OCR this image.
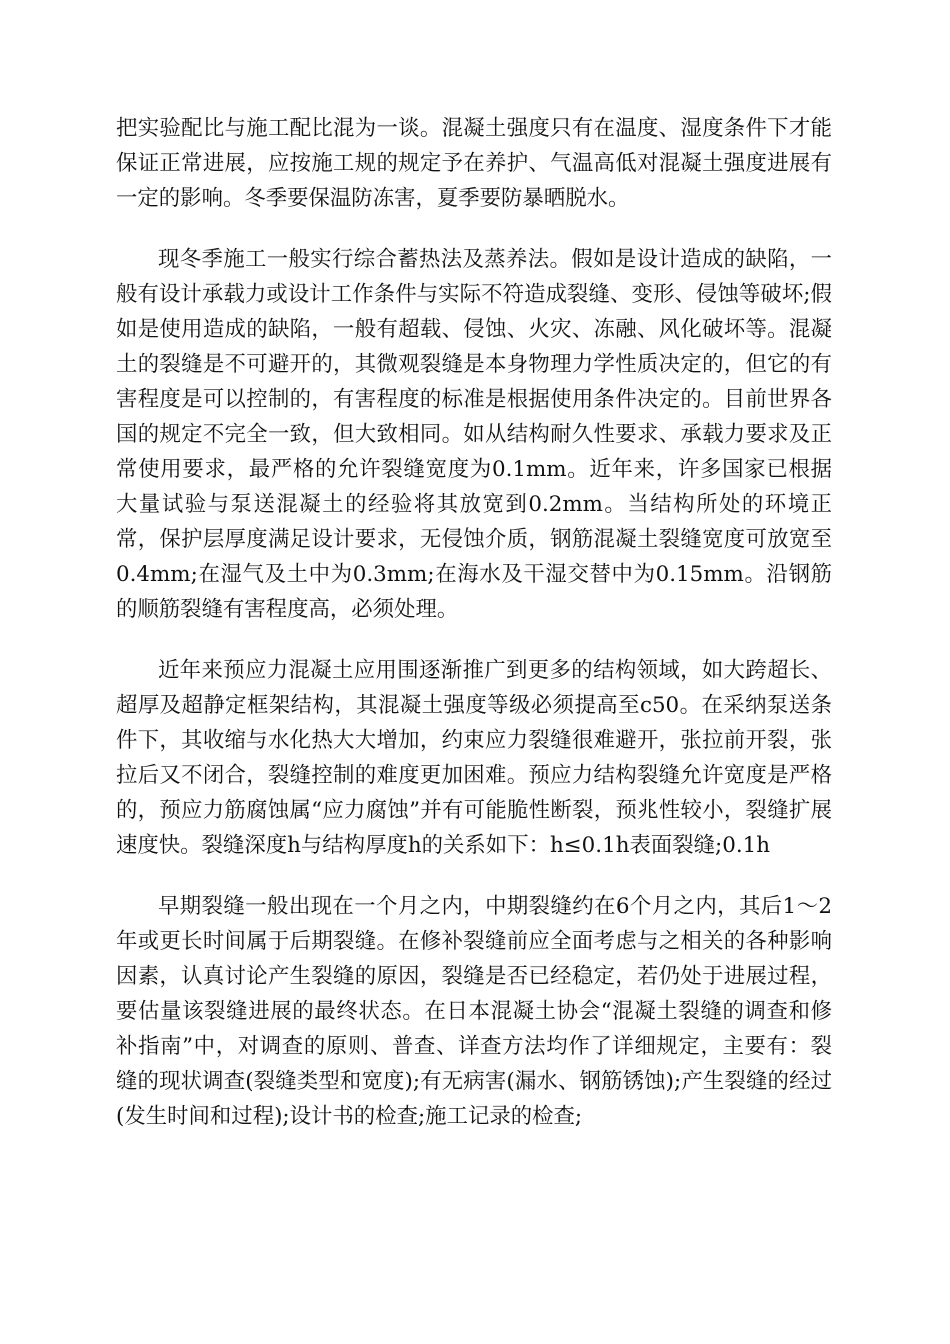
把实验配比与施工配比混为一谈。混凝土强度只有在温度、湿度条件下才能保证正常进展，应按施工规的规定予在养护、气温高低对混凝土强度进展有一定的影响。冬季要保温防冻害，夏季要防暴晒脱水。

现冬季施工一般实行综合蓄热法及蒸养法。假如是设计造成的缺陷，一般有设计承载力或设计工作条件与实际不符造成裂缝、变形、侵蚀等破坏;假如是使用造成的缺陷，一般有超载、侵蚀、火灾、冻融、风化破坏等。混凝土的裂缝是不可避开的，其微观裂缝是本身物理力学性质决定的，但它的有害程度是可以控制的，有害程度的标准是根据使用条件决定的。目前世界各国的规定不完全一致，但大致相同。如从结构耐久性要求、承载力要求及正常使用要求，最严格的允许裂缝宽度为0.1mm。近年来，许多国家已根据大量试验与泵送混凝土的经验将其放宽到0.2mm。当结构所处的环境正常，保护层厚度满足设计要求，无侵蚀介质，钢筋混凝土裂缝宽度可放宽至0.4mm;在湿气及土中为0.3mm;在海水及干湿交替中为0.15mm。沿钢筋的顺筋裂缝有害程度高，必须处理。

近年来预应力混凝土应用围逐渐推广到更多的结构领域，如大跨超长、超厚及超静定框架结构，其混凝土强度等级必须提高至c50。在采纳泵送条件下，其收缩与水化热大大增加，约束应力裂缝很难避开，张拉前开裂，张拉后又不闭合，裂缝控制的难度更加困难。预应力结构裂缝允许宽度是严格的，预应力筋腐蚀属“应力腐蚀”并有可能脆性断裂，预兆性较小，裂缝扩展速度快。裂缝深度h与结构厚度h的关系如下：h≤0.1h表面裂缝;0.1h

早期裂缝一般出现在一个月之内，中期裂缝约在6个月之内，其后1～2年或更长时间属于后期裂缝。在修补裂缝前应全面考虑与之相关的各种影响因素，认真讨论产生裂缝的原因，裂缝是否已经稳定，若仍处于进展过程，要估量该裂缝进展的最终状态。在日本混凝土协会“混凝土裂缝的调查和修补指南”中，对调查的原则、普查、详查方法均作了详细规定，主要有：裂缝的现状调查(裂缝类型和宽度);有无病害(漏水、钢筋锈蚀);产生裂缝的经过(发生时间和过程);设计书的检查;施工记录的检查;
